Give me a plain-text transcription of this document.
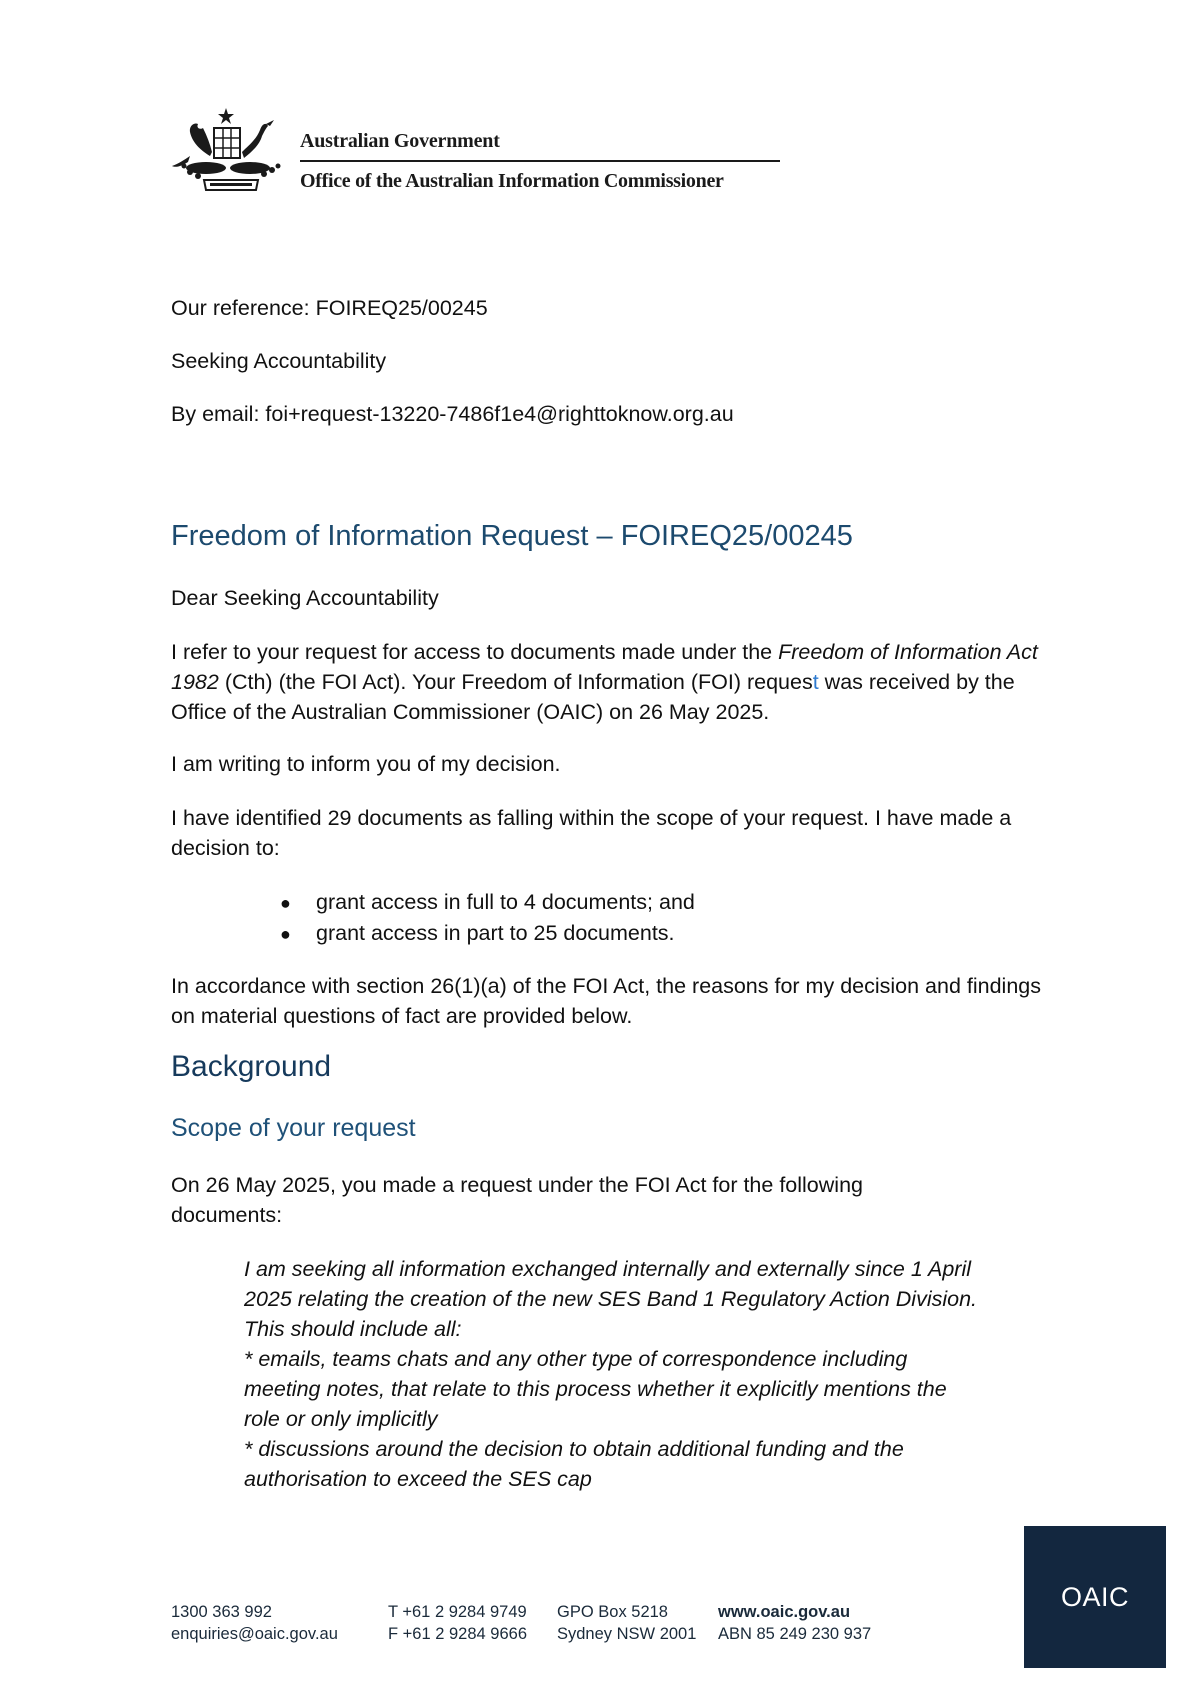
Australian Government
Office of the Australian Information Commissioner
Our reference: FOIREQ25/00245
Seeking Accountability
By email: foi+request-13220-7486f1e4@righttoknow.org.au
Freedom of Information Request – FOIREQ25/00245
Dear Seeking Accountability
I refer to your request for access to documents made under the Freedom of Information Act 1982 (Cth) (the FOI Act). Your Freedom of Information (FOI) request was received by the Office of the Australian Commissioner (OAIC) on 26 May 2025.
I am writing to inform you of my decision.
I have identified 29 documents as falling within the scope of your request. I have made a decision to:
●	grant access in full to 4 documents; and
●	grant access in part to 25 documents.
In accordance with section 26(1)(a) of the FOI Act, the reasons for my decision and findings on material questions of fact are provided below.
Background
Scope of your request
On 26 May 2025, you made a request under the FOI Act for the following documents:
I am seeking all information exchanged internally and externally since 1 April
2025 relating the creation of the new SES Band 1 Regulatory Action Division.
This should include all:
* emails, teams chats and any other type of correspondence including
meeting notes, that relate to this process whether it explicitly mentions the
role or only implicitly
* discussions around the decision to obtain additional funding and the
authorisation to exceed the SES cap
1300 363 992
enquiries@oaic.gov.au
T +61 2 9284 9749
F +61 2 9284 9666
GPO Box 5218
Sydney NSW 2001
www.oaic.gov.au
ABN 85 249 230 937
OAIC
